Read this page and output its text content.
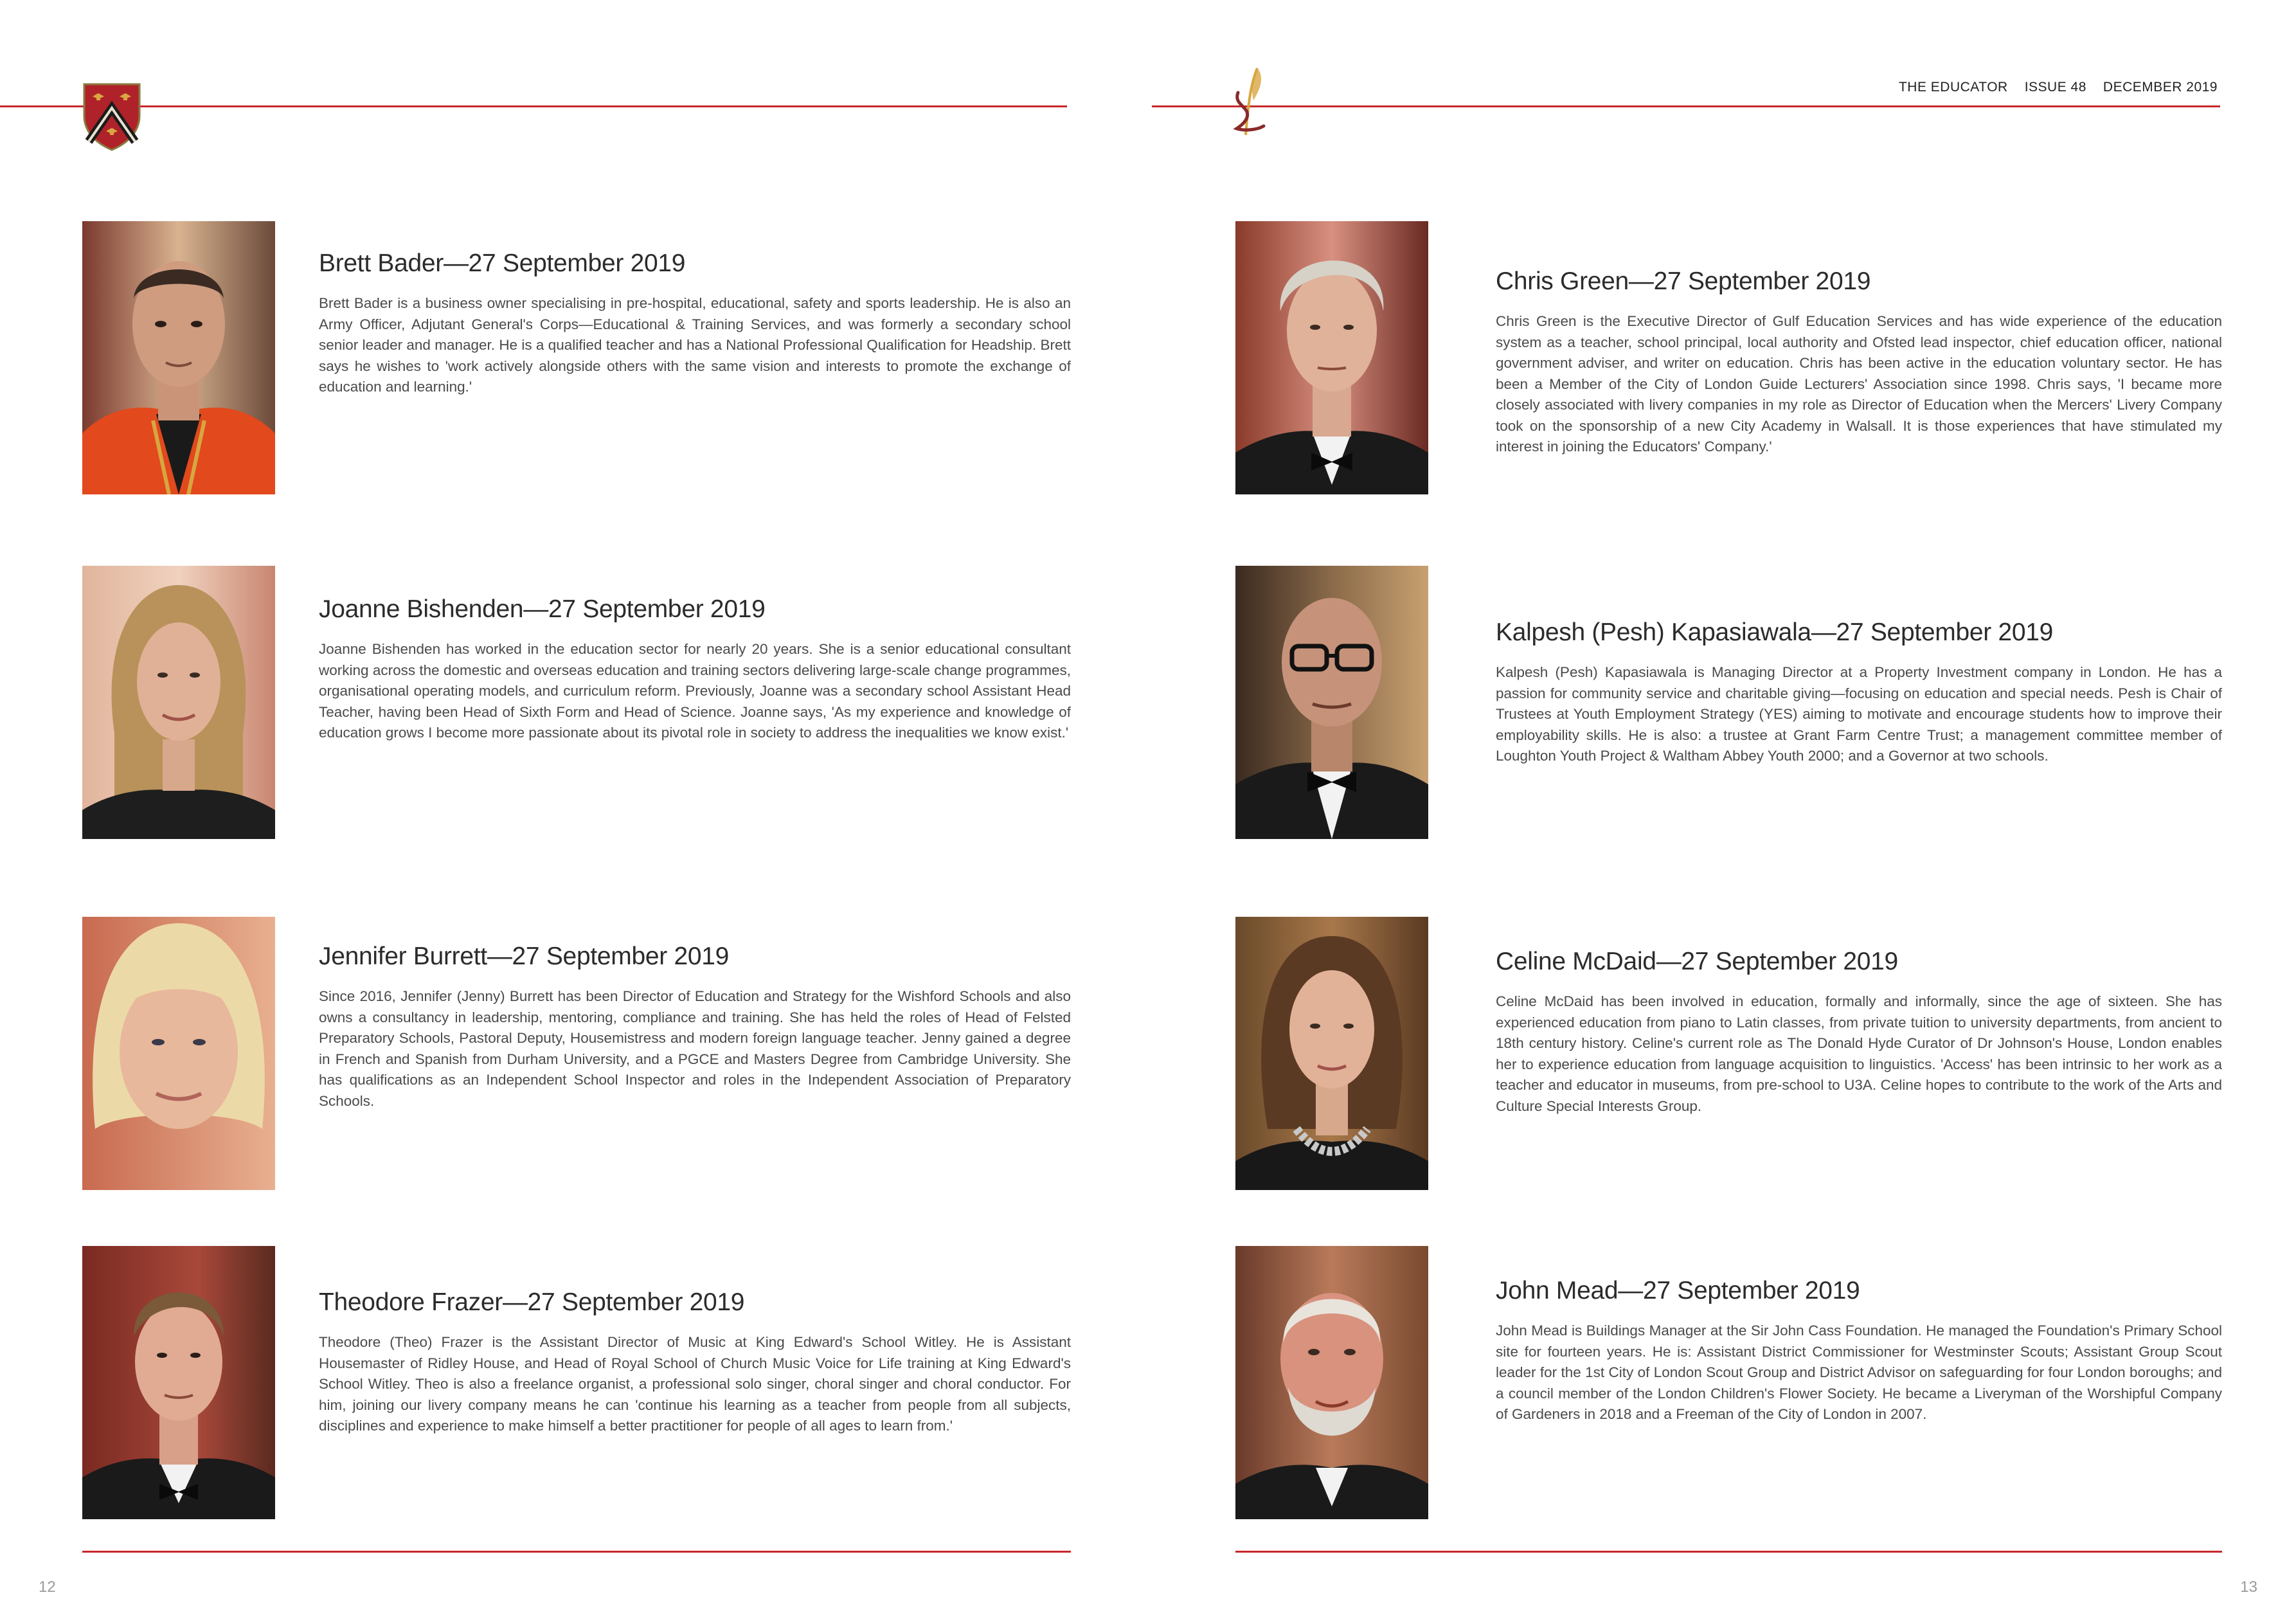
THE EDUCATOR ISSUE 48 DECEMBER 2019
Brett Bader—27 September 2019

Brett Bader is a business owner specialising in pre-hospital, educational, safety and sports leadership. He is also an Army Officer, Adjutant General's Corps—Educational & Training Services, and was formerly a secondary school senior leader and manager. He is a qualified teacher and has a National Professional Qualification for Headship. Brett says he wishes to 'work actively alongside others with the same vision and interests to promote the exchange of education and learning.'

Joanne Bishenden—27 September 2019

Joanne Bishenden has worked in the education sector for nearly 20 years. She is a senior educational consultant working across the domestic and overseas education and training sectors delivering large-scale change programmes, organisational operating models, and curriculum reform. Previously, Joanne was a secondary school Assistant Head Teacher, having been Head of Sixth Form and Head of Science. Joanne says, 'As my experience and knowledge of education grows I become more passionate about its pivotal role in society to address the inequalities we know exist.'

Jennifer Burrett—27 September 2019

Since 2016, Jennifer (Jenny) Burrett has been Director of Education and Strategy for the Wishford Schools and also owns a consultancy in leadership, mentoring, compliance and training. She has held the roles of Head of Felsted Preparatory Schools, Pastoral Deputy, Housemistress and modern foreign language teacher. Jenny gained a degree in French and Spanish from Durham University, and a PGCE and Masters Degree from Cambridge University. She has qualifications as an Independent School Inspector and roles in the Independent Association of Preparatory Schools.

Theodore Frazer—27 September 2019

Theodore (Theo) Frazer is the Assistant Director of Music at King Edward's School Witley. He is Assistant Housemaster of Ridley House, and Head of Royal School of Church Music Voice for Life training at King Edward's School Witley. Theo is also a freelance organist, a professional solo singer, choral singer and choral conductor. For him, joining our livery company means he can 'continue his learning as a teacher from people from all subjects, disciplines and experience to make himself a better practitioner for people of all ages to learn from.'

12
Chris Green—27 September 2019

Chris Green is the Executive Director of Gulf Education Services and has wide experience of the education system as a teacher, school principal, local authority and Ofsted lead inspector, chief education officer, national government adviser, and writer on education. Chris has been active in the education voluntary sector. He has been a Member of the City of London Guide Lecturers' Association since 1998. Chris says, 'I became more closely associated with livery companies in my role as Director of Education when the Mercers' Livery Company took on the sponsorship of a new City Academy in Walsall. It is those experiences that have stimulated my interest in joining the Educators' Company.'

Kalpesh (Pesh) Kapasiawala—27 September 2019

Kalpesh (Pesh) Kapasiawala is Managing Director at a Property Investment company in London. He has a passion for community service and charitable giving—focusing on education and special needs. Pesh is Chair of Trustees at Youth Employment Strategy (YES) aiming to motivate and encourage students how to improve their employability skills. He is also: a trustee at Grant Farm Centre Trust; a management committee member of Loughton Youth Project & Waltham Abbey Youth 2000; and a Governor at two schools.

Celine McDaid—27 September 2019

Celine McDaid has been involved in education, formally and informally, since the age of sixteen. She has experienced education from piano to Latin classes, from private tuition to university departments, from ancient to 18th century history. Celine's current role as The Donald Hyde Curator of Dr Johnson's House, London enables her to experience education from language acquisition to linguistics. 'Access' has been intrinsic to her work as a teacher and educator in museums, from pre-school to U3A. Celine hopes to contribute to the work of the Arts and Culture Special Interests Group.

John Mead—27 September 2019

John Mead is Buildings Manager at the Sir John Cass Foundation. He managed the Foundation's Primary School site for fourteen years. He is: Assistant District Commissioner for Westminster Scouts; Assistant Group Scout leader for the 1st City of London Scout Group and District Advisor on safeguarding for four London boroughs; and a council member of the London Children's Flower Society. He became a Liveryman of the Worshipful Company of Gardeners in 2018 and a Freeman of the City of London in 2007.

13
